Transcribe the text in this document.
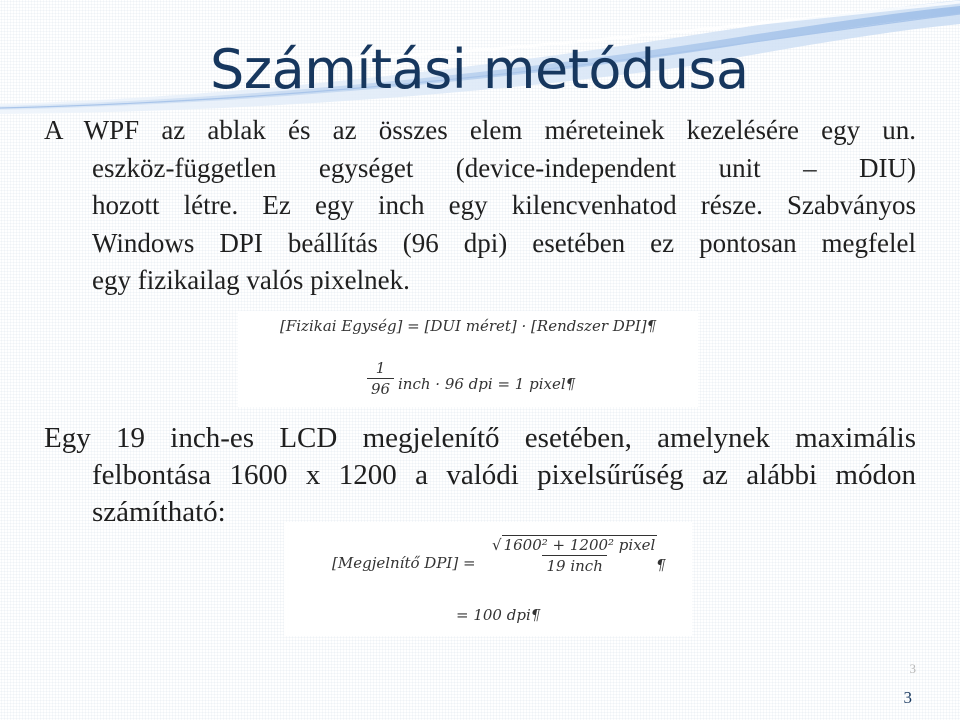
Számítási metódusa
A WPF az ablak és az összes elem méreteinek kezelésére egy un.
eszköz-független egységet (device-independent unit – DIU)
hozott létre. Ez egy inch egy kilencvenhatod része. Szabványos
Windows DPI beállítás (96 dpi) esetében ez pontosan megfelel
egy fizikailag valós pixelnek.
[Fizikai Egység] = [DUI méret] · [Rendszer DPI]¶
$\frac{1}{96}$ inch · 96 dpi = 1 pixel¶
Egy 19 inch-es LCD megjelenítő esetében, amelynek maximális
felbontása 1600 x 1200 a valódi pixelsűrűség az alábbi módon
számítható:
[Megjelnítő DPI] =
√ 1600² + 1200² pixel
19 inch	¶
= 100 dpi¶
3
3
